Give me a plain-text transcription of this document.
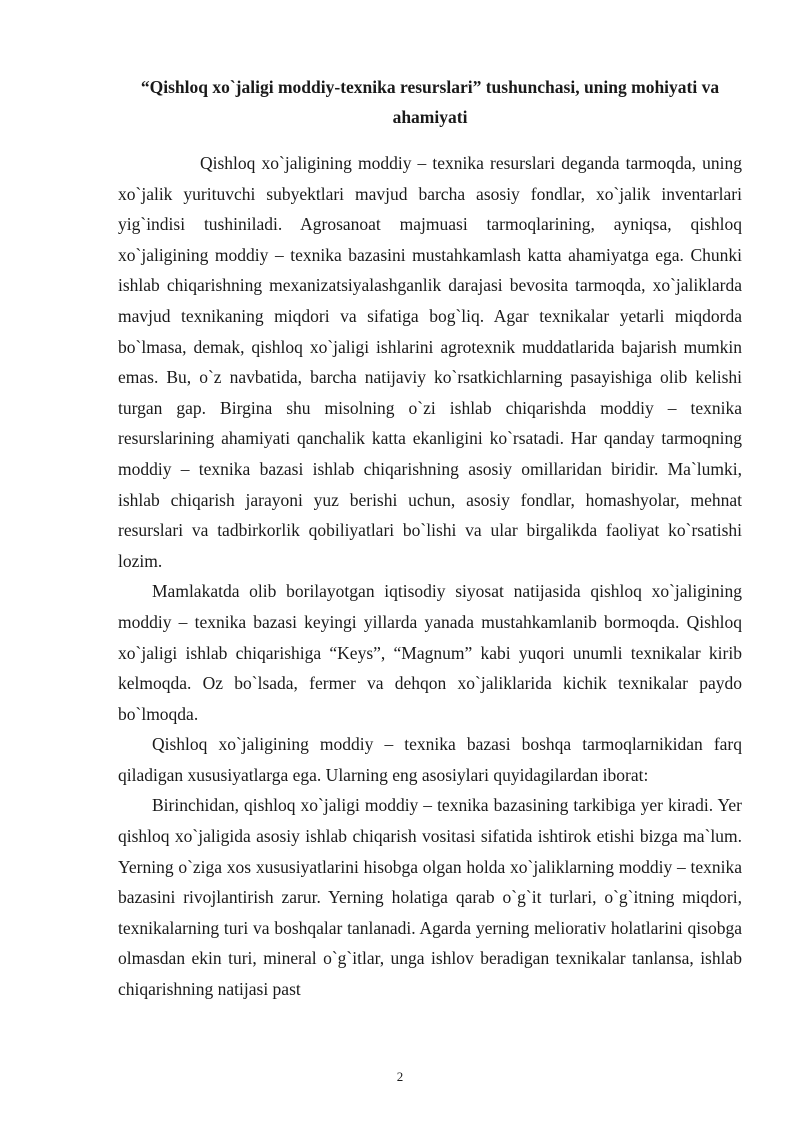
“Qishloq xo`jaligi moddiy-texnika resurslari” tushunchasi, uning mohiyati va ahamiyati

Qishloq xo`jaligining moddiy – texnika resurslari deganda tarmoqda, uning xo`jalik yurituvchi subyektlari mavjud barcha asosiy fondlar, xo`jalik inventarlari yig`indisi tushiniladi. Agrosanoat majmuasi tarmoqlarining, ayniqsa, qishloq xo`jaligining moddiy – texnika bazasini mustahkamlash katta ahamiyatga ega. Chunki ishlab chiqarishning mexanizatsiyalashganlik darajasi bevosita tarmoqda, xo`jaliklarda mavjud texnikaning miqdori va sifatiga bog`liq. Agar texnikalar yetarli miqdorda bo`lmasa, demak, qishloq xo`jaligi ishlarini agrotexnik muddatlarida bajarish mumkin emas. Bu, o`z navbatida, barcha natijaviy ko`rsatkichlarning pasayishiga olib kelishi turgan gap. Birgina shu misolning o`zi ishlab chiqarishda moddiy – texnika resurslarining ahamiyati qanchalik katta ekanligini ko`rsatadi. Har qanday tarmoqning moddiy – texnika bazasi ishlab chiqarishning asosiy omillaridan biridir. Ma`lumki, ishlab chiqarish jarayoni yuz berishi uchun, asosiy fondlar, homashyolar, mehnat resurslari va tadbirkorlik qobiliyatlari bo`lishi va ular birgalikda faoliyat ko`rsatishi lozim.

Mamlakatda olib borilayotgan iqtisodiy siyosat natijasida qishloq xo`jaligining moddiy – texnika bazasi keyingi yillarda yanada mustahkamlanib bormoqda. Qishloq xo`jaligi ishlab chiqarishiga “Keys”, “Magnum” kabi yuqori unumli texnikalar kirib kelmoqda. Oz bo`lsada, fermer va dehqon xo`jaliklarida kichik texnikalar paydo bo`lmoqda.

Qishloq xo`jaligining moddiy – texnika bazasi boshqa tarmoqlarnikidan farq qiladigan xususiyatlarga ega. Ularning eng asosiylari quyidagilardan iborat:

Birinchidan, qishloq xo`jaligi moddiy – texnika bazasining tarkibiga yer kiradi. Yer qishloq xo`jaligida asosiy ishlab chiqarish vositasi sifatida ishtirok etishi bizga ma`lum. Yerning o`ziga xos xususiyatlarini hisobga olgan holda xo`jaliklarning moddiy – texnika bazasini rivojlantirish zarur. Yerning holatiga qarab o`g`it turlari, o`g`itning miqdori, texnikalarning turi va boshqalar tanlanadi. Agarda yerning meliorativ holatlarini qisobga olmasdan ekin turi, mineral o`g`itlar, unga ishlov beradigan texnikalar tanlansa, ishlab chiqarishning natijasi past

2
